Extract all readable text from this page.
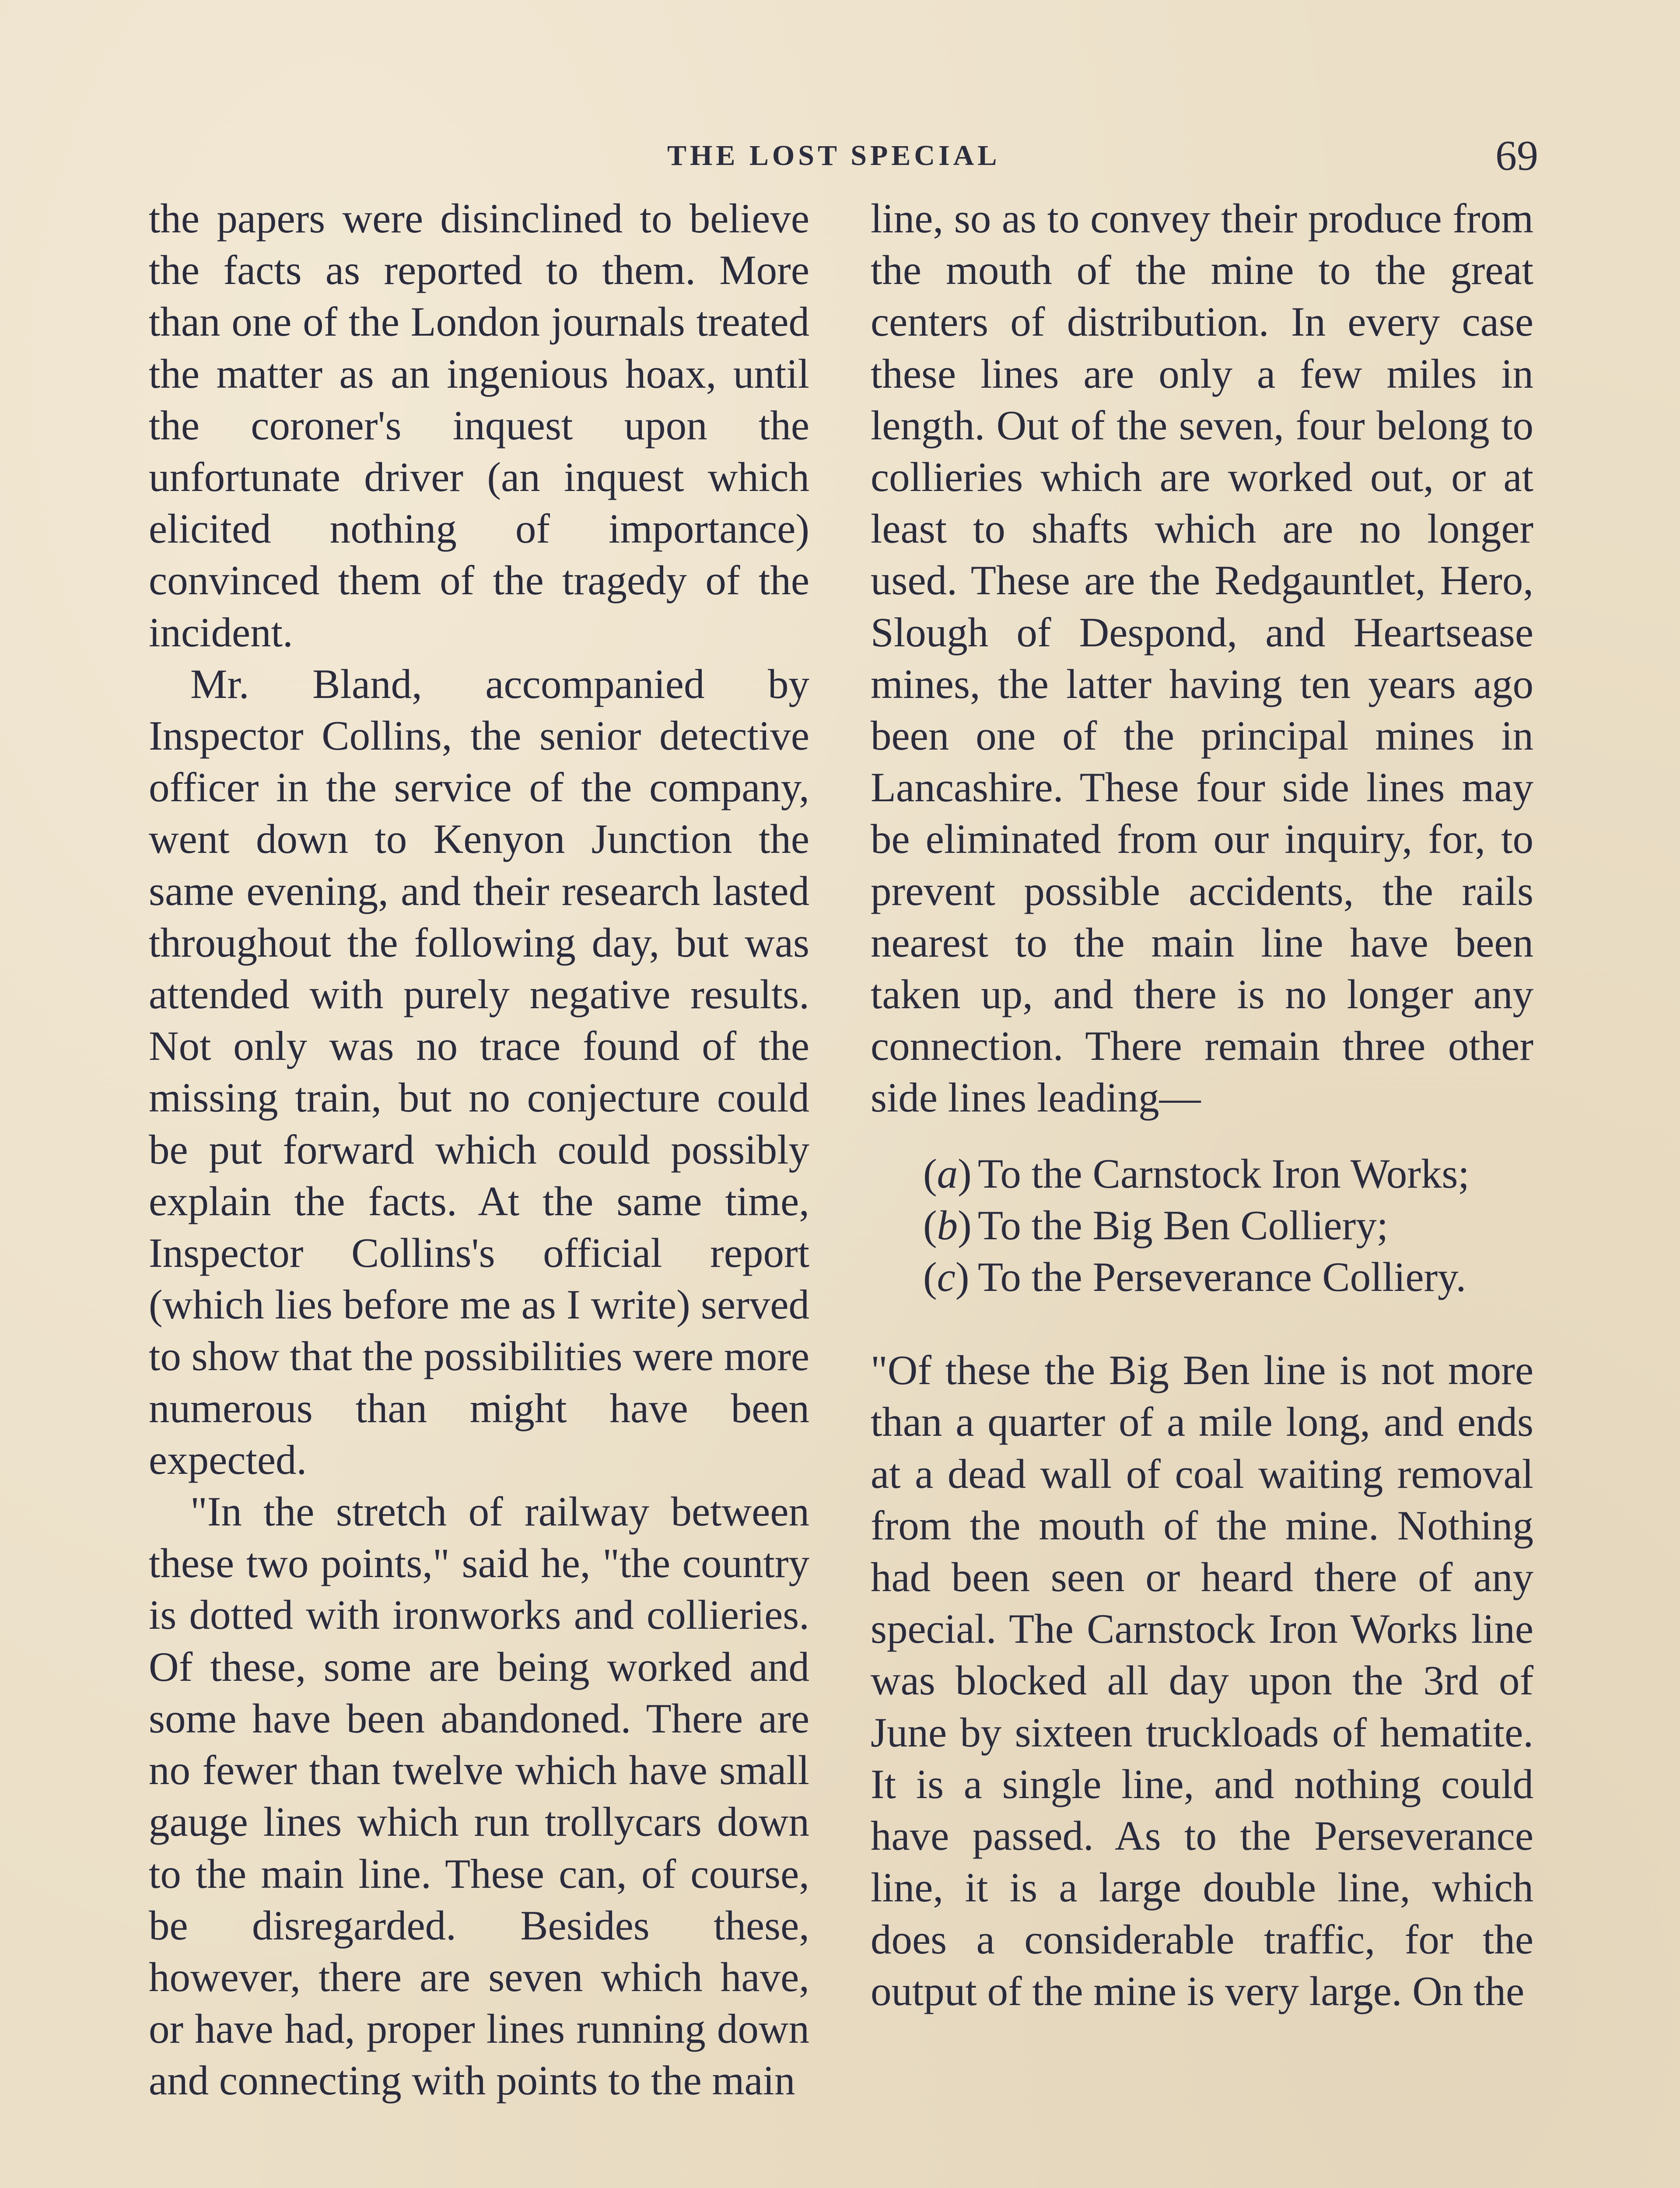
THE LOST SPECIAL	69

the papers were disinclined to believe the facts as reported to them. More than one of the London journals treated the matter as an ingenious hoax, until the coroner's inquest upon the unfortunate driver (an inquest which elicited nothing of importance) convinced them of the tragedy of the incident.

Mr. Bland, accompanied by Inspector Collins, the senior detective officer in the service of the company, went down to Kenyon Junction the same evening, and their research lasted throughout the following day, but was attended with purely negative results. Not only was no trace found of the missing train, but no conjecture could be put forward which could possibly explain the facts. At the same time, Inspector Collins's official report (which lies before me as I write) served to show that the possibilities were more numerous than might have been expected.

"In the stretch of railway between these two points," said he, "the country is dotted with ironworks and collieries. Of these, some are being worked and some have been abandoned. There are no fewer than twelve which have small gauge lines which run trollycars down to the main line. These can, of course, be disregarded. Besides these, however, there are seven which have, or have had, proper lines running down and connecting with points to the main

line, so as to convey their produce from the mouth of the mine to the great centers of distribution. In every case these lines are only a few miles in length. Out of the seven, four belong to collieries which are worked out, or at least to shafts which are no longer used. These are the Redgauntlet, Hero, Slough of Despond, and Heartsease mines, the latter having ten years ago been one of the principal mines in Lancashire. These four side lines may be eliminated from our inquiry, for, to prevent possible accidents, the rails nearest to the main line have been taken up, and there is no longer any connection. There remain three other side lines leading—

(a) To the Carnstock Iron Works;
(b) To the Big Ben Colliery;
(c) To the Perseverance Colliery.

"Of these the Big Ben line is not more than a quarter of a mile long, and ends at a dead wall of coal waiting removal from the mouth of the mine. Nothing had been seen or heard there of any special. The Carnstock Iron Works line was blocked all day upon the 3rd of June by sixteen truckloads of hematite. It is a single line, and nothing could have passed. As to the Perseverance line, it is a large double line, which does a considerable traffic, for the output of the mine is very large. On the
